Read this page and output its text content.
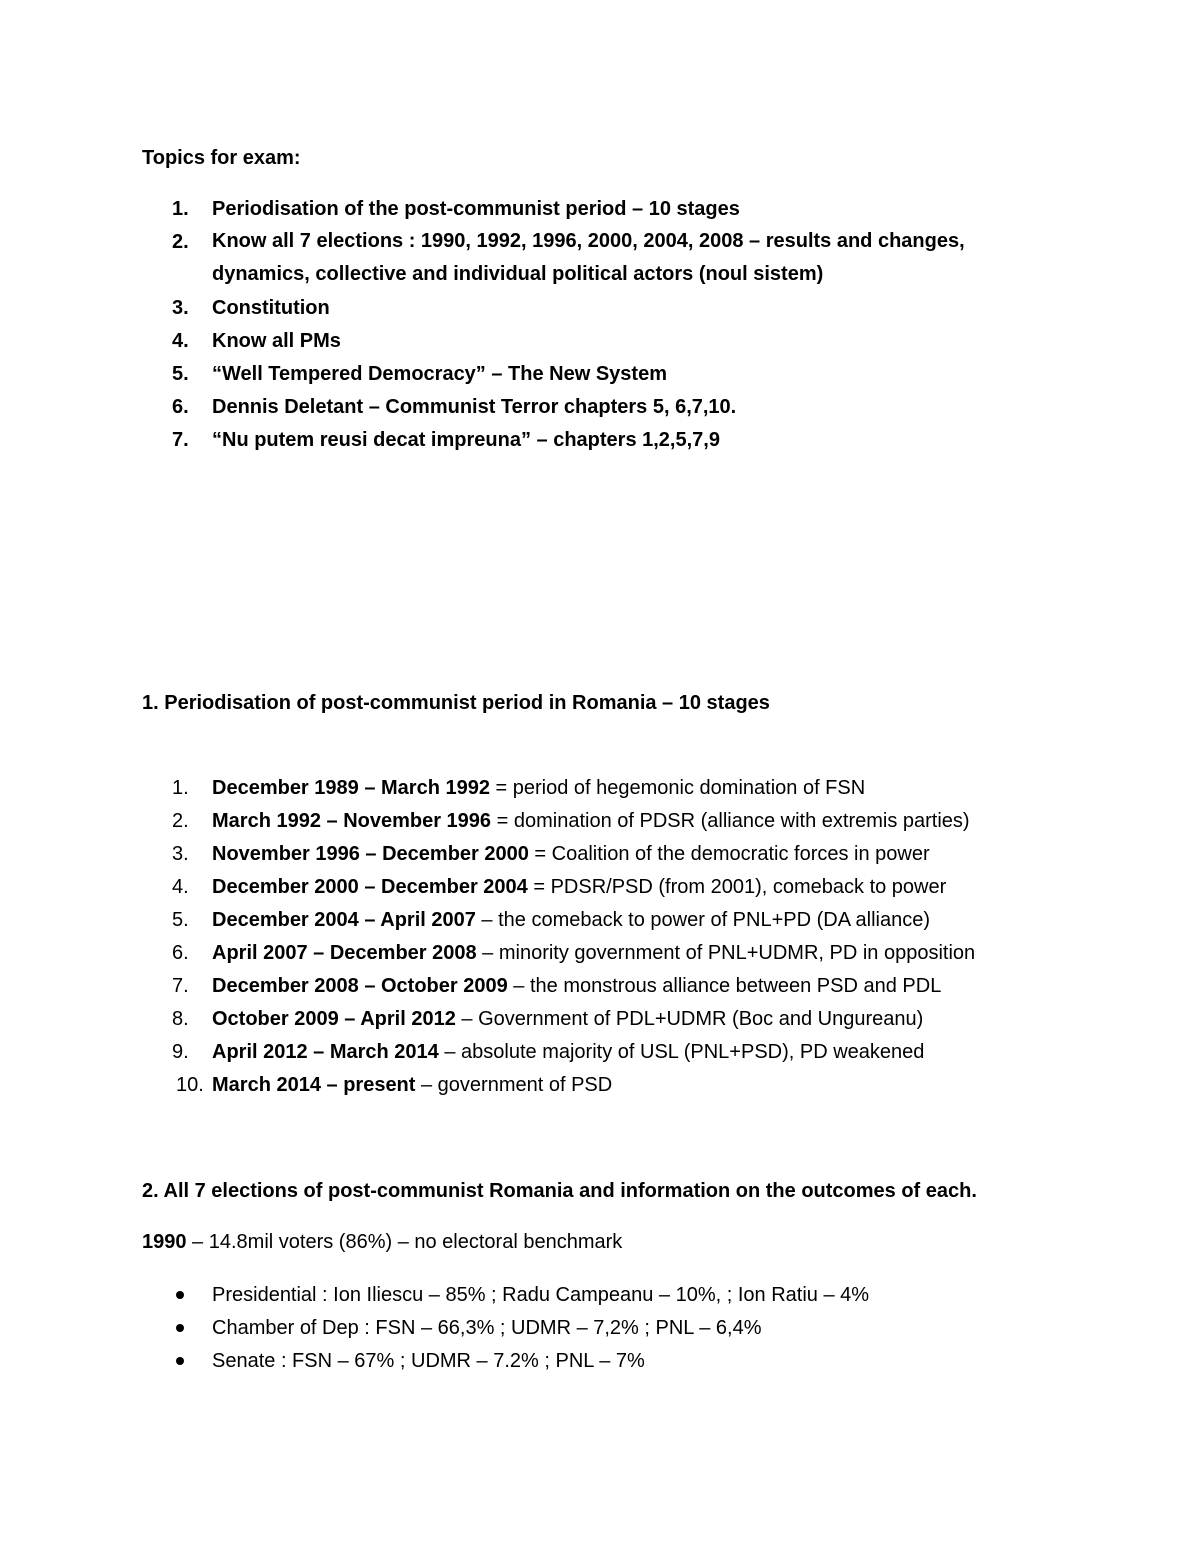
Topics for exam:
1.	Periodisation of the post-communist period – 10 stages
2.	Know all 7 elections : 1990, 1992, 1996, 2000, 2004, 2008 – results and changes, dynamics, collective and individual political actors (noul sistem)
3.	Constitution
4.	Know all PMs
5.	“Well Tempered Democracy” – The New System
6.	Dennis Deletant – Communist Terror chapters 5, 6,7,10.
7.	“Nu putem reusi decat impreuna” – chapters 1,2,5,7,9
1. Periodisation of post-communist period in Romania – 10 stages
1.	December 1989 – March 1992 = period of hegemonic domination of FSN
2.	March 1992 – November 1996 = domination of PDSR (alliance with extremis parties)
3.	November 1996 – December 2000 = Coalition of the democratic forces in power
4.	December 2000 – December 2004 = PDSR/PSD (from 2001), comeback to power
5.	December 2004 – April 2007 – the comeback to power of PNL+PD (DA alliance)
6.	April 2007 – December 2008 – minority government of PNL+UDMR, PD in opposition
7.	December 2008 – October 2009 – the monstrous alliance between PSD and PDL
8.	October 2009 – April 2012 – Government of PDL+UDMR (Boc and Ungureanu)
9.	April 2012 – March 2014 – absolute majority of USL (PNL+PSD), PD weakened
10. March 2014 – present – government of PSD
2. All 7 elections of post-communist Romania and information on the outcomes of each.
1990 – 14.8mil voters (86%) – no electoral benchmark
Presidential : Ion Iliescu – 85% ; Radu Campeanu – 10%, ; Ion Ratiu – 4%
Chamber of Dep : FSN – 66,3% ; UDMR – 7,2% ; PNL – 6,4%
Senate : FSN – 67% ; UDMR – 7.2% ; PNL – 7%
